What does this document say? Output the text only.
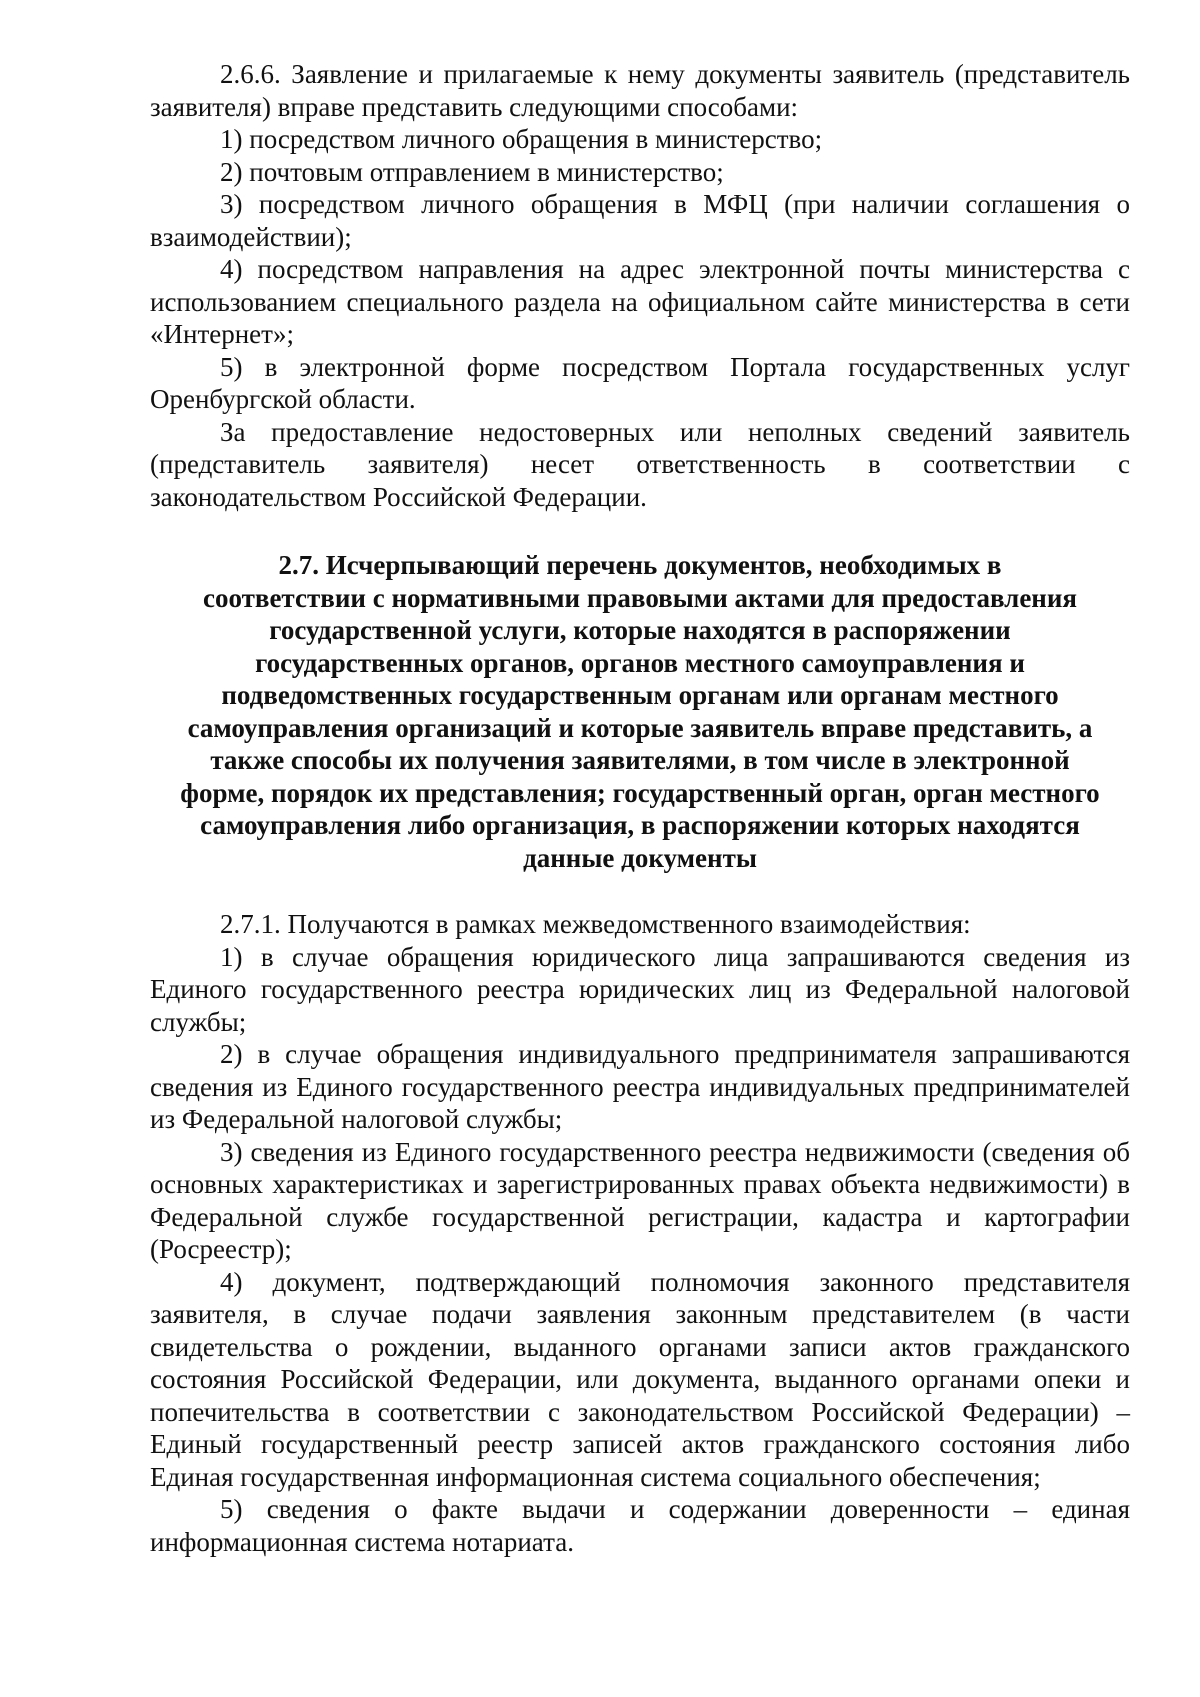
2.6.6. Заявление и прилагаемые к нему документы заявитель (представитель заявителя) вправе представить следующими способами:

1) посредством личного обращения в министерство;

2) почтовым отправлением в министерство;

3) посредством личного обращения в МФЦ (при наличии соглашения о взаимодействии);

4) посредством направления на адрес электронной почты министерства с использованием специального раздела на официальном сайте министерства в сети «Интернет»;

5) в электронной форме посредством Портала государственных услуг Оренбургской области.

За предоставление недостоверных или неполных сведений заявитель (представитель заявителя) несет ответственность в соответствии с законодательством Российской Федерации.

2.7. Исчерпывающий перечень документов, необходимых в
соответствии с нормативными правовыми актами для предоставления
государственной услуги, которые находятся в распоряжении
государственных органов, органов местного самоуправления и
подведомственных государственным органам или органам местного
самоуправления организаций и которые заявитель вправе представить, а
также способы их получения заявителями, в том числе в электронной
форме, порядок их представления; государственный орган, орган местного
самоуправления либо организация, в распоряжении которых находятся
данные документы

2.7.1. Получаются в рамках межведомственного взаимодействия:

1) в случае обращения юридического лица запрашиваются сведения из Единого государственного реестра юридических лиц из Федеральной налоговой службы;

2) в случае обращения индивидуального предпринимателя запрашиваются сведения из Единого государственного реестра индивидуальных предпринимателей из Федеральной налоговой службы;

3) сведения из Единого государственного реестра недвижимости (сведения об основных характеристиках и зарегистрированных правах объекта недвижимости) в Федеральной службе государственной регистрации, кадастра и картографии (Росреестр);

4) документ, подтверждающий полномочия законного представителя заявителя, в случае подачи заявления законным представителем (в части свидетельства о рождении, выданного органами записи актов гражданского состояния Российской Федерации, или документа, выданного органами опеки и попечительства в соответствии с законодательством Российской Федерации) – Единый государственный реестр записей актов гражданского состояния либо Единая государственная информационная система социального обеспечения;

5) сведения о факте выдачи и содержании доверенности – единая информационная система нотариата.
